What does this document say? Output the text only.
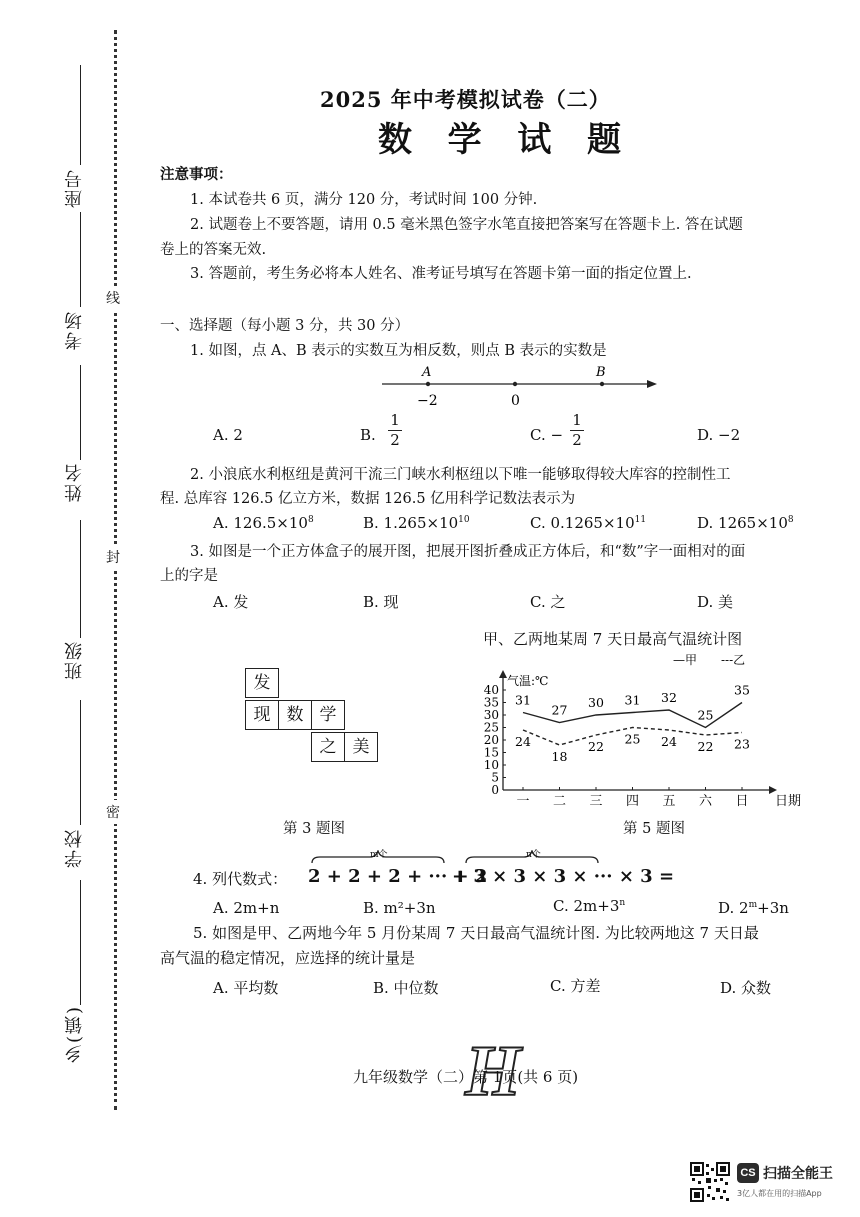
线
封
密
座号
考场
姓名
班级
学校
乡(镇)
2025 年中考模拟试卷（二）
数  学  试  题
注意事项：
1. 本试卷共 6 页，满分 120 分，考试时间 100 分钟.
2. 试题卷上不要答题，请用 0.5 毫米黑色签字水笔直接把答案写在答题卡上. 答在试题
卷上的答案无效.
3. 答题前，考生务必将本人姓名、准考证号填写在答题卡第一面的指定位置上.
一、选择题（每小题 3 分，共 30 分）
1. 如图，点 A、B 表示的实数互为相反数，则点 B 表示的实数是
A	B
−2	0
A. 2	B. $\frac{1}{2}$	C. − $\frac{1}{2}$	D. −2
2. 小浪底水利枢纽是黄河干流三门峡水利枢纽以下唯一能够取得较大库容的控制性工
程. 总库容 126.5 亿立方米，数据 126.5 亿用科学记数法表示为
A. $126.5\times 10^8$	B. $1.265\times 10^{10}$	C. $0.1265\times 10^{11}$	D. $1265\times 10^8$
3. 如图是一个正方体盒子的展开图，把展开图折叠成正方体后，和“数”字一面相对的面
上的字是
A. 发	B. 现	C. 之	D. 美
发
现 数 学
之 美
第 3 题图
甲、乙两地某周 7 天日最高气温统计图
气温:℃
日期
0
5
10
15
20
25
30
35
40
一 二 三 四 五 六 日
—甲 ---乙
31
27 30 31 32
25
35
24
18
22 25 24 22 23
第 5 题图
4. 列代数式： 2 + 2 + 2 + ··· + 2
m个
+ 3 × 3 × 3 × ··· × 3 =
n个
A. 2m+n	B. m²+3n	C. $2m+3^n$	D. $2^m+3n$
5. 如图是甲、乙两地今年 5 月份某周 7 天日最高气温统计图. 为比较两地这 7 天日最
高气温的稳定情况，应选择的统计量是
A. 平均数	B. 中位数	C. 方差	D. 众数
H
九年级数学（二）第 1页(共 6 页)
CS 扫描全能王
3亿人都在用的扫描App
